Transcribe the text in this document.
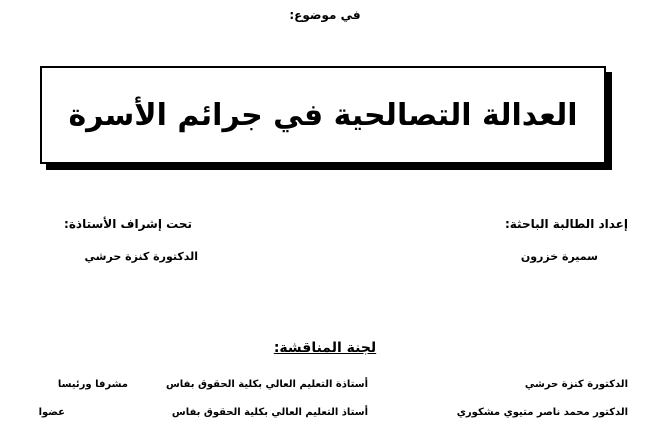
في موضوع:
العدالة التصالحية في جرائم الأسرة
إعداد الطالبة الباحثة:
سميرة خزرون
تحت إشراف الأستاذة:
الدكتورة كنزة حرشي
لجنة المناقشة:
الدكتورة كنزة حرشي
أستاذة التعليم العالي بكلية الحقوق بفاس
مشرفا ورئيسا
الدكتور محمد ناصر متيوي مشكوري
أستاذ التعليم العالي بكلية الحقوق بفاس
عضوا
